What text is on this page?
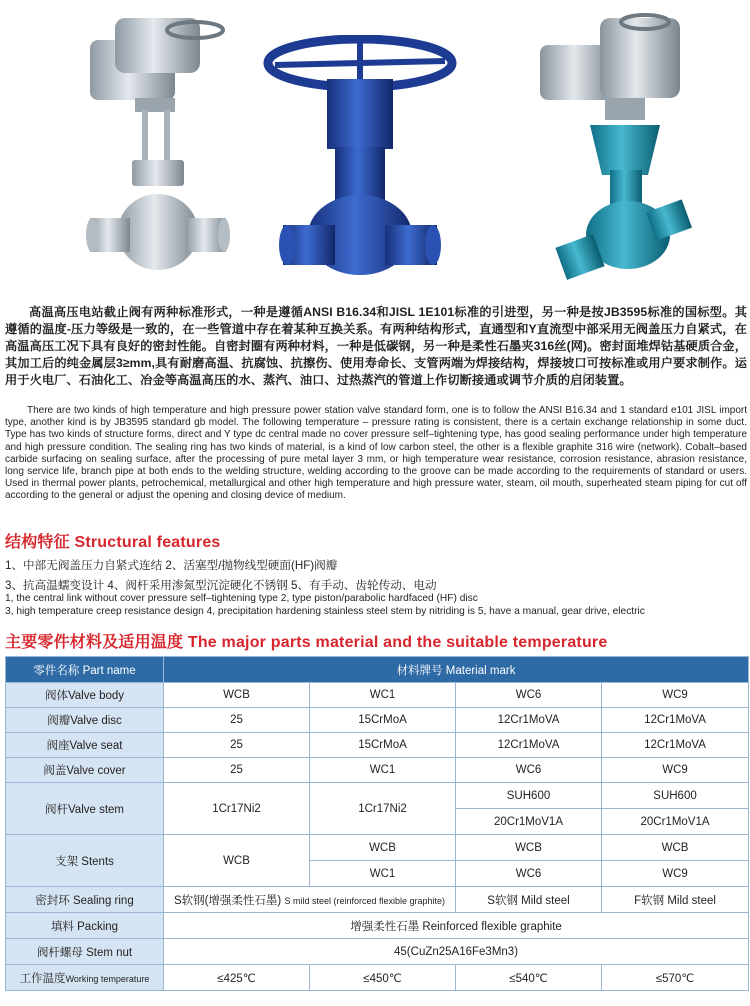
高温高压电站截止阀有两种标准形式，一种是遵循ANSI B16.34和JISL 1E101标准的引进型，另一种是按JB3595标准的国标型。其遵循的温度-压力等级是一致的，在一些管道中存在着某种互换关系。有两种结构形式，直通型和Y直流型中部采用无阀盖压力自紧式，在高温高压工况下具有良好的密封性能。自密封圈有两种材料，一种是低碳钢，另一种是柔性石墨夹316丝(网)。密封面堆焊钴基硬质合金，其加工后的纯金属层3≥mm,具有耐磨高温、抗腐蚀、抗擦伤、使用寿命长、支管两端为焊接结构，焊接坡口可按标准或用户要求制作。运用于火电厂、石油化工、冶金等高温高压的水、蒸汽、油口、过热蒸汽的管道上作切断接通或调节介质的启闭装置。
There are two kinds of high temperature and high pressure power station valve standard form, one is to follow the ANSI B16.34 and 1 standard e101 JISL import type, another kind is by JB3595 standard gb model. The following temperature – pressure rating is consistent, there is a certain exchange relationship in some duct. Type has two kinds of structure forms, direct and Y type dc central made no cover pressure self–tightening type, has good sealing performance under high temperature and high pressure condition. The sealing ring has two kinds of material, is a kind of low carbon steel, the other is a flexible graphite 316 wire (network). Cobalt–based carbide surfacing on sealing surface, after the processing of pure metal layer 3 mm, or high temperature wear resistance, corrosion resistance, abrasion resistance, long service life, branch pipe at both ends to the welding structure, welding according to the groove can be made according to the requirements of standard or users. Used in thermal power plants, petrochemical, metallurgical and other high temperature and high pressure water, steam, oil mouth, superheated steam piping for cut off according to the general or adjust the opening and closing device of medium.
结构特征 Structural features
1、中部无阀盖压力自紧式连结 2、活塞型/抛物线型硬面(HF)阀瓣
3、抗高温蠕变设计 4、阀杆采用渗氮型沉淀硬化不锈钢 5、有手动、齿轮传动、电动
1, the central link without cover pressure self–tightening type 2, type piston/parabolic hardfaced (HF) disc
3, high temperature creep resistance design 4, precipitation hardening stainless steel stem by nitriding is 5, have a manual, gear drive, electric
主要零件材料及适用温度 The major parts material and the suitable temperature
零件名称 Part name	材料牌号 Material mark			
阀体Valve body	WCB	WC1	WC6	WC9
阀瓣Valve disc	25	15CrMoA	12Cr1MoVA	12Cr1MoVA
阀座Valve seat	25	15CrMoA	12Cr1MoVA	12Cr1MoVA
阀盖Valve cover	25	WC1	WC6	WC9
阀杆Valve stem	1Cr17Ni2	1Cr17Ni2	SUH600	SUH600
			20Cr1MoV1A	20Cr1MoV1A
支架 Stents	WCB	WCB	WCB	WCB
		WC1	WC6	WC9
密封环 Sealing ring	S软钢(增强柔性石墨) S mild steel (reinforced flexible graphite)		S软钢 Mild steel	F软钢 Mild steel
填料 Packing	增强柔性石墨 Reinforced flexible graphite			
阀杆螺母 Stem nut	45(CuZn25A16Fe3Mn3)			
工作温度Working temperature	≤425℃	≤450℃	≤540℃	≤570℃
